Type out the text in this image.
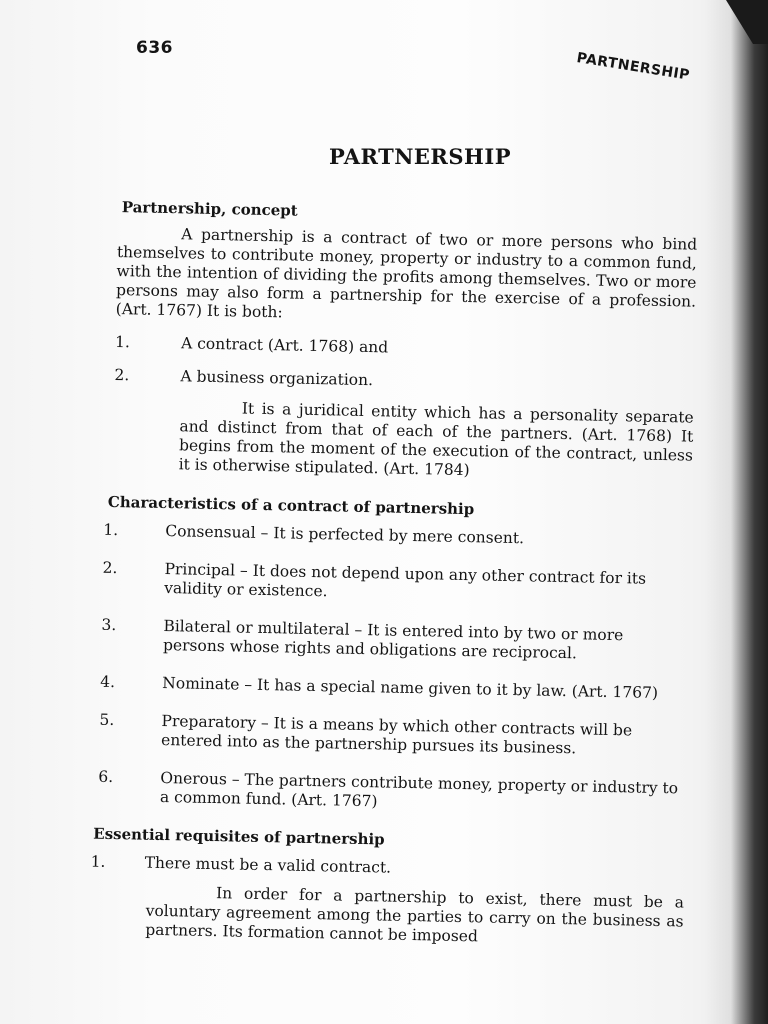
636
PARTNERSHIP
PARTNERSHIP
Partnership, concept

A partnership is a contract of two or more persons who bind themselves to contribute money, property or industry to a common fund, with the intention of dividing the profits among themselves. Two or more persons may also form a partnership for the exercise of a profession. (Art. 1767) It is both:

1.	A contract (Art. 1768) and
2.	A business organization.

It is a juridical entity which has a personality separate and distinct from that of each of the partners. (Art. 1768) It begins from the moment of the execution of the contract, unless it is otherwise stipulated. (Art. 1784)

Characteristics of a contract of partnership
1.	Consensual – It is perfected by mere consent.
2.	Principal – It does not depend upon any other contract for its validity or existence.
3.	Bilateral or multilateral – It is entered into by two or more persons whose rights and obligations are reciprocal.
4.	Nominate – It has a special name given to it by law. (Art. 1767)
5.	Preparatory – It is a means by which other contracts will be entered into as the partnership pursues its business.
6.	Onerous – The partners contribute money, property or industry to a common fund. (Art. 1767)
Essential requisites of partnership
1.	There must be a valid contract.

In order for a partnership to exist, there must be a voluntary agreement among the parties to carry on the business as partners. Its formation cannot be imposed
